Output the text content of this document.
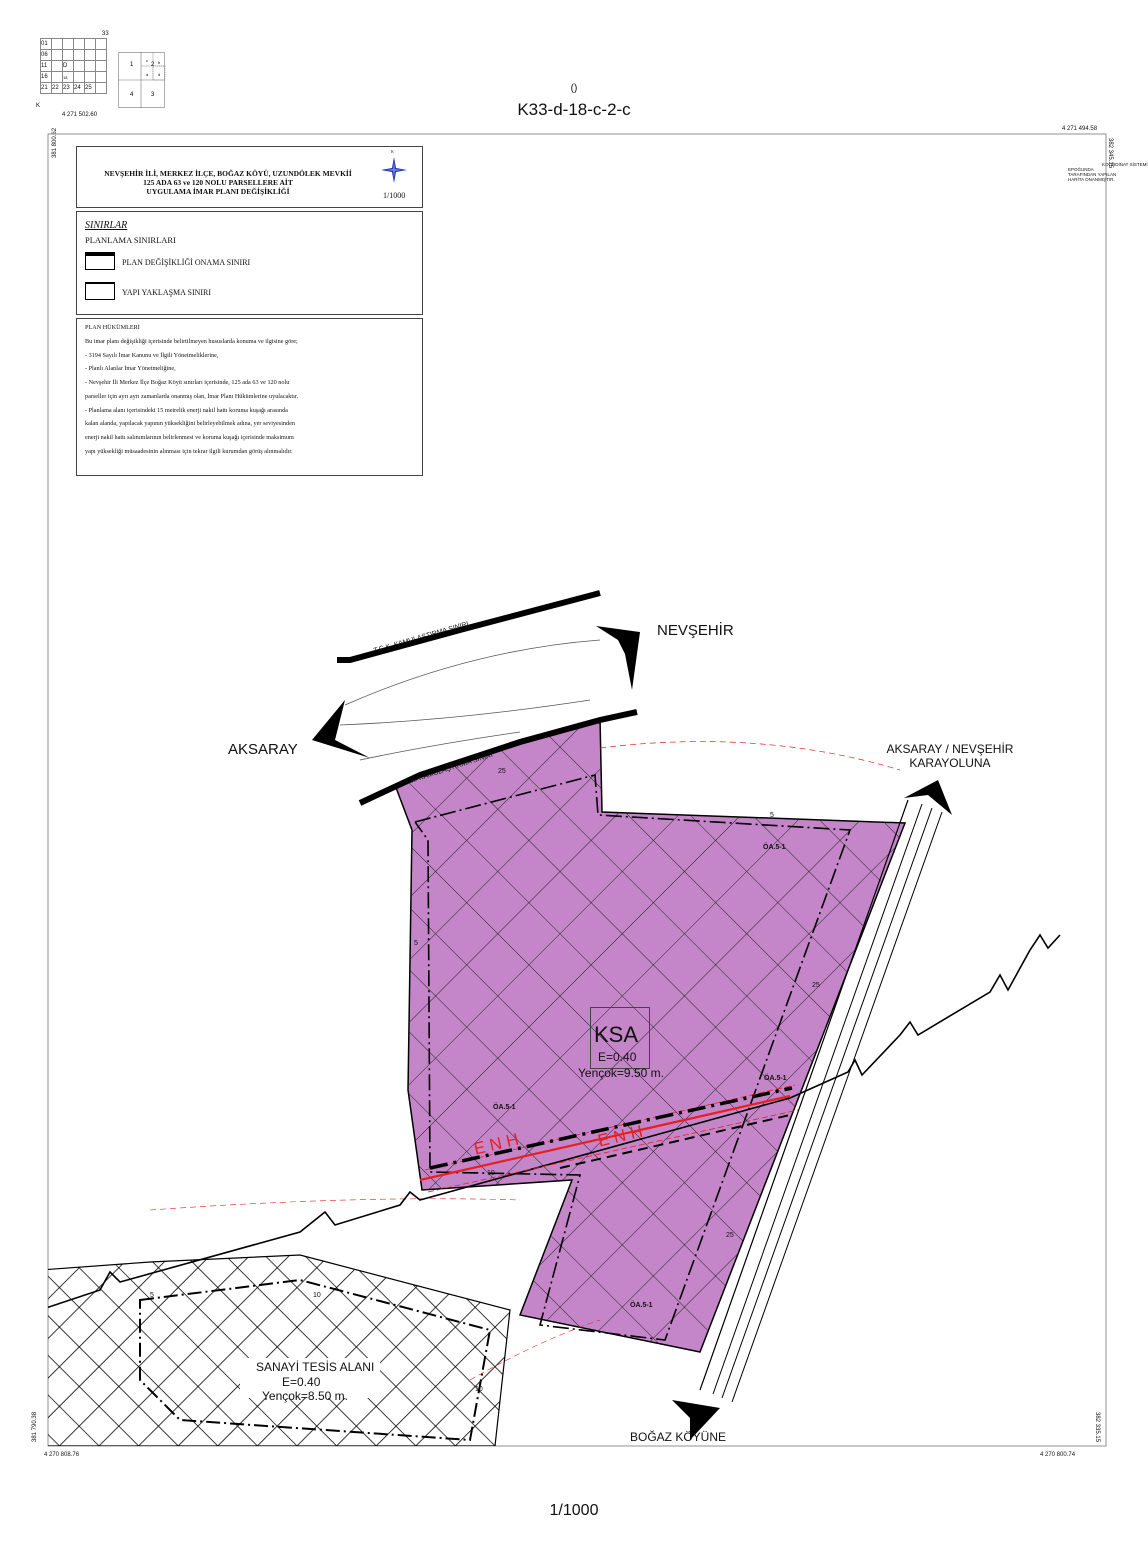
01					
06					
11		D			
16		18			
21	22	23	24	25	
33
K
4 271 502.60
1	2
4	3
a
b
c
d
()
K33-d-18-c-2-c
4 271 494.58
381 800.62	382 345.15
381 790.38	382 335.15
4 270 808.76	4 270 800.74
KOORDİNAT SİSTEMİ
EPOĞUNDA
TARAFINDAN YAPILAN
HARİTA ONANMIŞTIR.
NEVŞEHİR İLİ, MERKEZ İLÇE, BOĞAZ KÖYÜ, UZUNDÖLEK MEVKİİ
125 ADA 63 ve 120 NOLU PARSELLERE AİT
UYGULAMA İMAR PLANI DEĞİŞİKLİĞİ
K
1/1000
SINIRLAR
PLANLAMA SINIRLARI
PLAN DEĞİŞİKLİĞİ ONAMA SINIRI
YAPI YAKLAŞMA SINIRI
PLAN HÜKÜMLERİ
Bu imar planı değişikliği içerisinde belirtilmeyen hususlarda konuma ve ilgisine göre;
- 3194 Sayılı İmar Kanunu ve İlgili Yönetmeliklerine,
- Planlı Alanlar İmar Yönetmeliğine,
- Nevşehir İli Merkez İlçe Boğaz Köyü sınırları içerisinde, 125 ada 63 ve 120 nolu
parseller için ayrı ayrı zamanlarda onanmış olan, İmar Planı Hükümlerine uyulacaktır.
- Planlama alanı içerisindeki 15 metrelik enerji nakil hattı koruma kuşağı arasında
kalan alanda, yapılacak yapının yüksekliğini belirleyebilmek adına, yer seviyesinden
enerji nakil hattı salınımlarının belirlenmesi ve koruma kuşağı içerisinde maksimum
yapı yüksekliği müsaadesinin alınması için tekrar ilgili kurumdan görüş alınmalıdır.
NEVŞEHİR
AKSARAY	AKSARAY / NEVŞEHİR
KARAYOLUNA
BOĞAZ KÖYÜNE
T.C.K. KAMULAŞTIRMA SINIRI
T.C.K. KAMULAŞTIRMA SINIRI
KSA
E=0.40
Yençok=9.50 m.
SANAYİ TESİS ALANI
E=0.40
Yençok=8.50 m.
ÖA.5-1
ÖA.5-1
ÖA.5-1
ÖA.5-1
E N H	E N H
25
5
25
25
10
5
10
10
5
1/1000
